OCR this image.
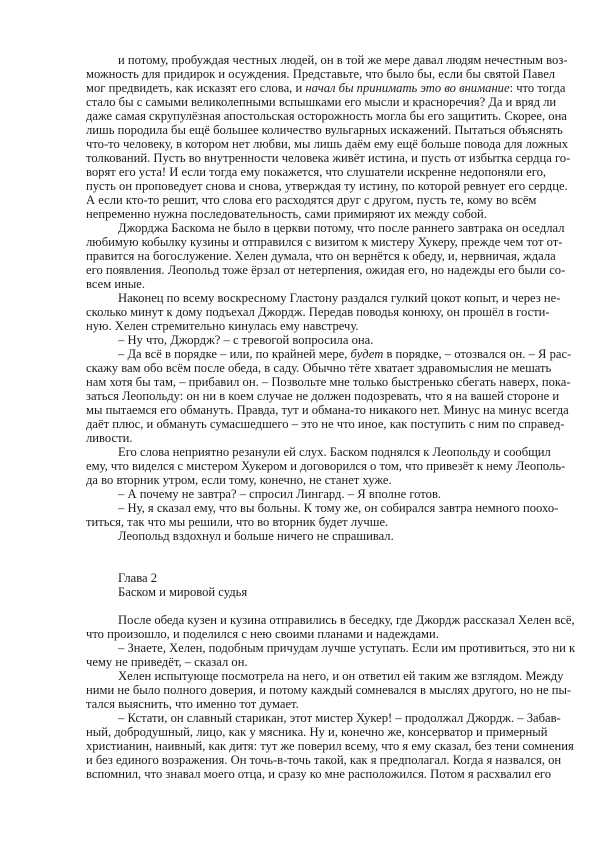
и потому, пробуждая честных людей, он в той же мере давал людям нечестным воз-
можность для придирок и осуждения. Представьте, что было бы, если бы святой Павел
мог предвидеть, как исказят его слова, и начал бы принимать это во внимание: что тогда
стало бы с самыми великолепными вспышками его мысли и красноречия? Да и вряд ли
даже самая скрупулёзная апостольская осторожность могла бы его защитить. Скорее, она
лишь породила бы ещё большее количество вульгарных искажений. Пытаться объяснять
что-то человеку, в котором нет любви, мы лишь даём ему ещё больше повода для ложных
толкований. Пусть во внутренности человека живёт истина, и пусть от избытка сердца го-
ворят его уста! И если тогда ему покажется, что слушатели искренне недопоняли его,
пусть он проповедует снова и снова, утверждая ту истину, по которой ревнует его сердце.
А если кто-то решит, что слова его расходятся друг с другом, пусть те, кому во всём
непременно нужна последовательность, сами примиряют их между собой.
Джорджа Баскома не было в церкви потому, что после раннего завтрака он оседлал
любимую кобылку кузины и отправился с визитом к мистеру Хукеру, прежде чем тот от-
правится на богослужение. Хелен думала, что он вернётся к обеду, и, нервничая, ждала
его появления. Леопольд тоже ёрзал от нетерпения, ожидая его, но надежды его были со-
всем иные.
Наконец по всему воскресному Гластону раздался гулкий цокот копыт, и через не-
сколько минут к дому подъехал Джордж. Передав поводья конюху, он прошёл в гости-
ную. Хелен стремительно кинулась ему навстречу.
– Ну что, Джордж? – с тревогой вопросила она.
– Да всё в порядке – или, по крайней мере, будет в порядке, – отозвался он. – Я рас-
скажу вам обо всём после обеда, в саду. Обычно тёте хватает здравомыслия не мешать
нам хотя бы там, – прибавил он. – Позвольте мне только быстренько сбегать наверх, пока-
заться Леопольду: он ни в коем случае не должен подозревать, что я на вашей стороне и
мы пытаемся его обмануть. Правда, тут и обмана-то никакого нет. Минус на минус всегда
даёт плюс, и обмануть сумасшедшего – это не что иное, как поступить с ним по справед-
ливости.
Его слова неприятно резанули ей слух. Баском поднялся к Леопольду и сообщил
ему, что виделся с мистером Хукером и договорился о том, что привезёт к нему Леополь-
да во вторник утром, если тому, конечно, не станет хуже.
– А почему не завтра? – спросил Лингард. – Я вполне готов.
– Ну, я сказал ему, что вы больны. К тому же, он собирался завтра немного поохо-
титься, так что мы решили, что во вторник будет лучше.
Леопольд вздохнул и больше ничего не спрашивал.
Глава 2
Баском и мировой судья
После обеда кузен и кузина отправились в беседку, где Джордж рассказал Хелен всё,
что произошло, и поделился с нею своими планами и надеждами.
– Знаете, Хелен, подобным причудам лучше уступать. Если им противиться, это ни к
чему не приведёт, – сказал он.
Хелен испытующе посмотрела на него, и он ответил ей таким же взглядом. Между
ними не было полного доверия, и потому каждый сомневался в мыслях другого, но не пы-
тался выяснить, что именно тот думает.
– Кстати, он славный старикан, этот мистер Хукер! – продолжал Джордж. – Забав-
ный, добродушный, лицо, как у мясника. Ну и, конечно же, консерватор и примерный
христианин, наивный, как дитя: тут же поверил всему, что я ему сказал, без тени сомнения
и без единого возражения. Он точь-в-точь такой, как я предполагал. Когда я назвался, он
вспомнил, что знавал моего отца, и сразу ко мне расположился. Потом я расхвалил его
